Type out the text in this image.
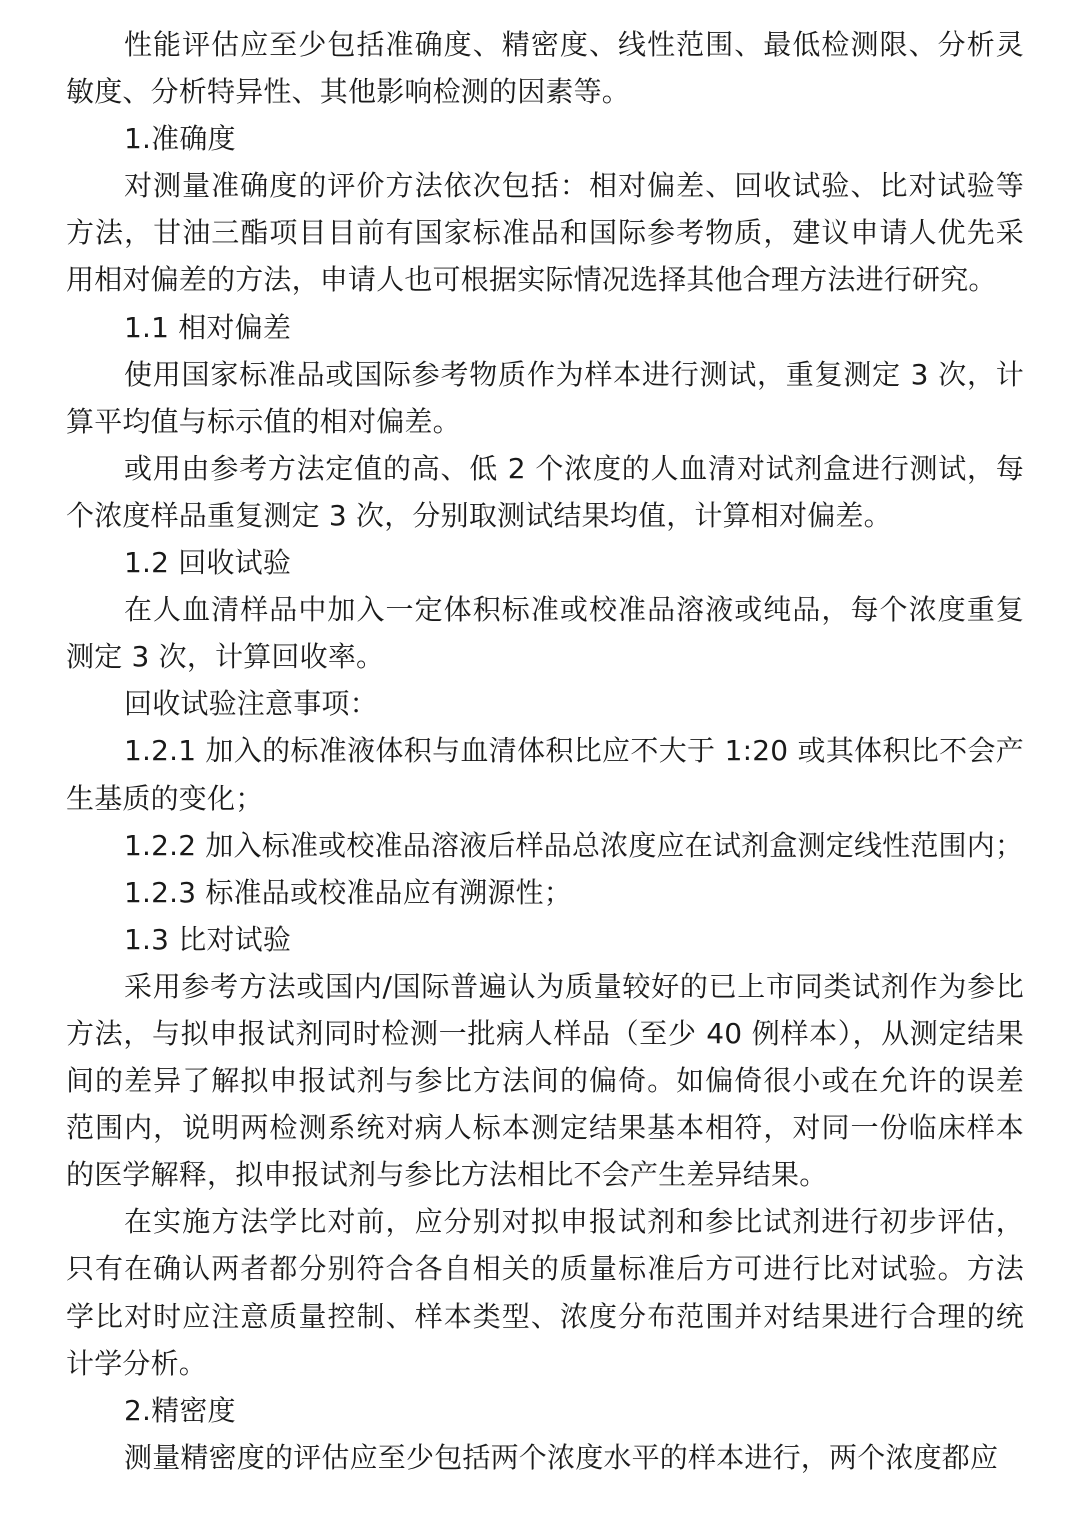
性能评估应至少包括准确度、精密度、线性范围、最低检测限、分析灵敏度、分析特异性、其他影响检测的因素等。

1.准确度

对测量准确度的评价方法依次包括：相对偏差、回收试验、比对试验等方法，甘油三酯项目目前有国家标准品和国际参考物质，建议申请人优先采用相对偏差的方法，申请人也可根据实际情况选择其他合理方法进行研究。

1.1 相对偏差

使用国家标准品或国际参考物质作为样本进行测试，重复测定 3 次，计算平均值与标示值的相对偏差。

或用由参考方法定值的高、低 2 个浓度的人血清对试剂盒进行测试，每个浓度样品重复测定 3 次，分别取测试结果均值，计算相对偏差。

1.2 回收试验

在人血清样品中加入一定体积标准或校准品溶液或纯品，每个浓度重复测定 3 次，计算回收率。

回收试验注意事项：

1.2.1 加入的标准液体积与血清体积比应不大于 1:20 或其体积比不会产生基质的变化；

1.2.2 加入标准或校准品溶液后样品总浓度应在试剂盒测定线性范围内；

1.2.3 标准品或校准品应有溯源性；

1.3 比对试验

采用参考方法或国内/国际普遍认为质量较好的已上市同类试剂作为参比方法，与拟申报试剂同时检测一批病人样品（至少 40 例样本），从测定结果间的差异了解拟申报试剂与参比方法间的偏倚。如偏倚很小或在允许的误差范围内，说明两检测系统对病人标本测定结果基本相符，对同一份临床样本的医学解释，拟申报试剂与参比方法相比不会产生差异结果。

在实施方法学比对前，应分别对拟申报试剂和参比试剂进行初步评估，只有在确认两者都分别符合各自相关的质量标准后方可进行比对试验。方法学比对时应注意质量控制、样本类型、浓度分布范围并对结果进行合理的统计学分析。

2.精密度

测量精密度的评估应至少包括两个浓度水平的样本进行，两个浓度都应
